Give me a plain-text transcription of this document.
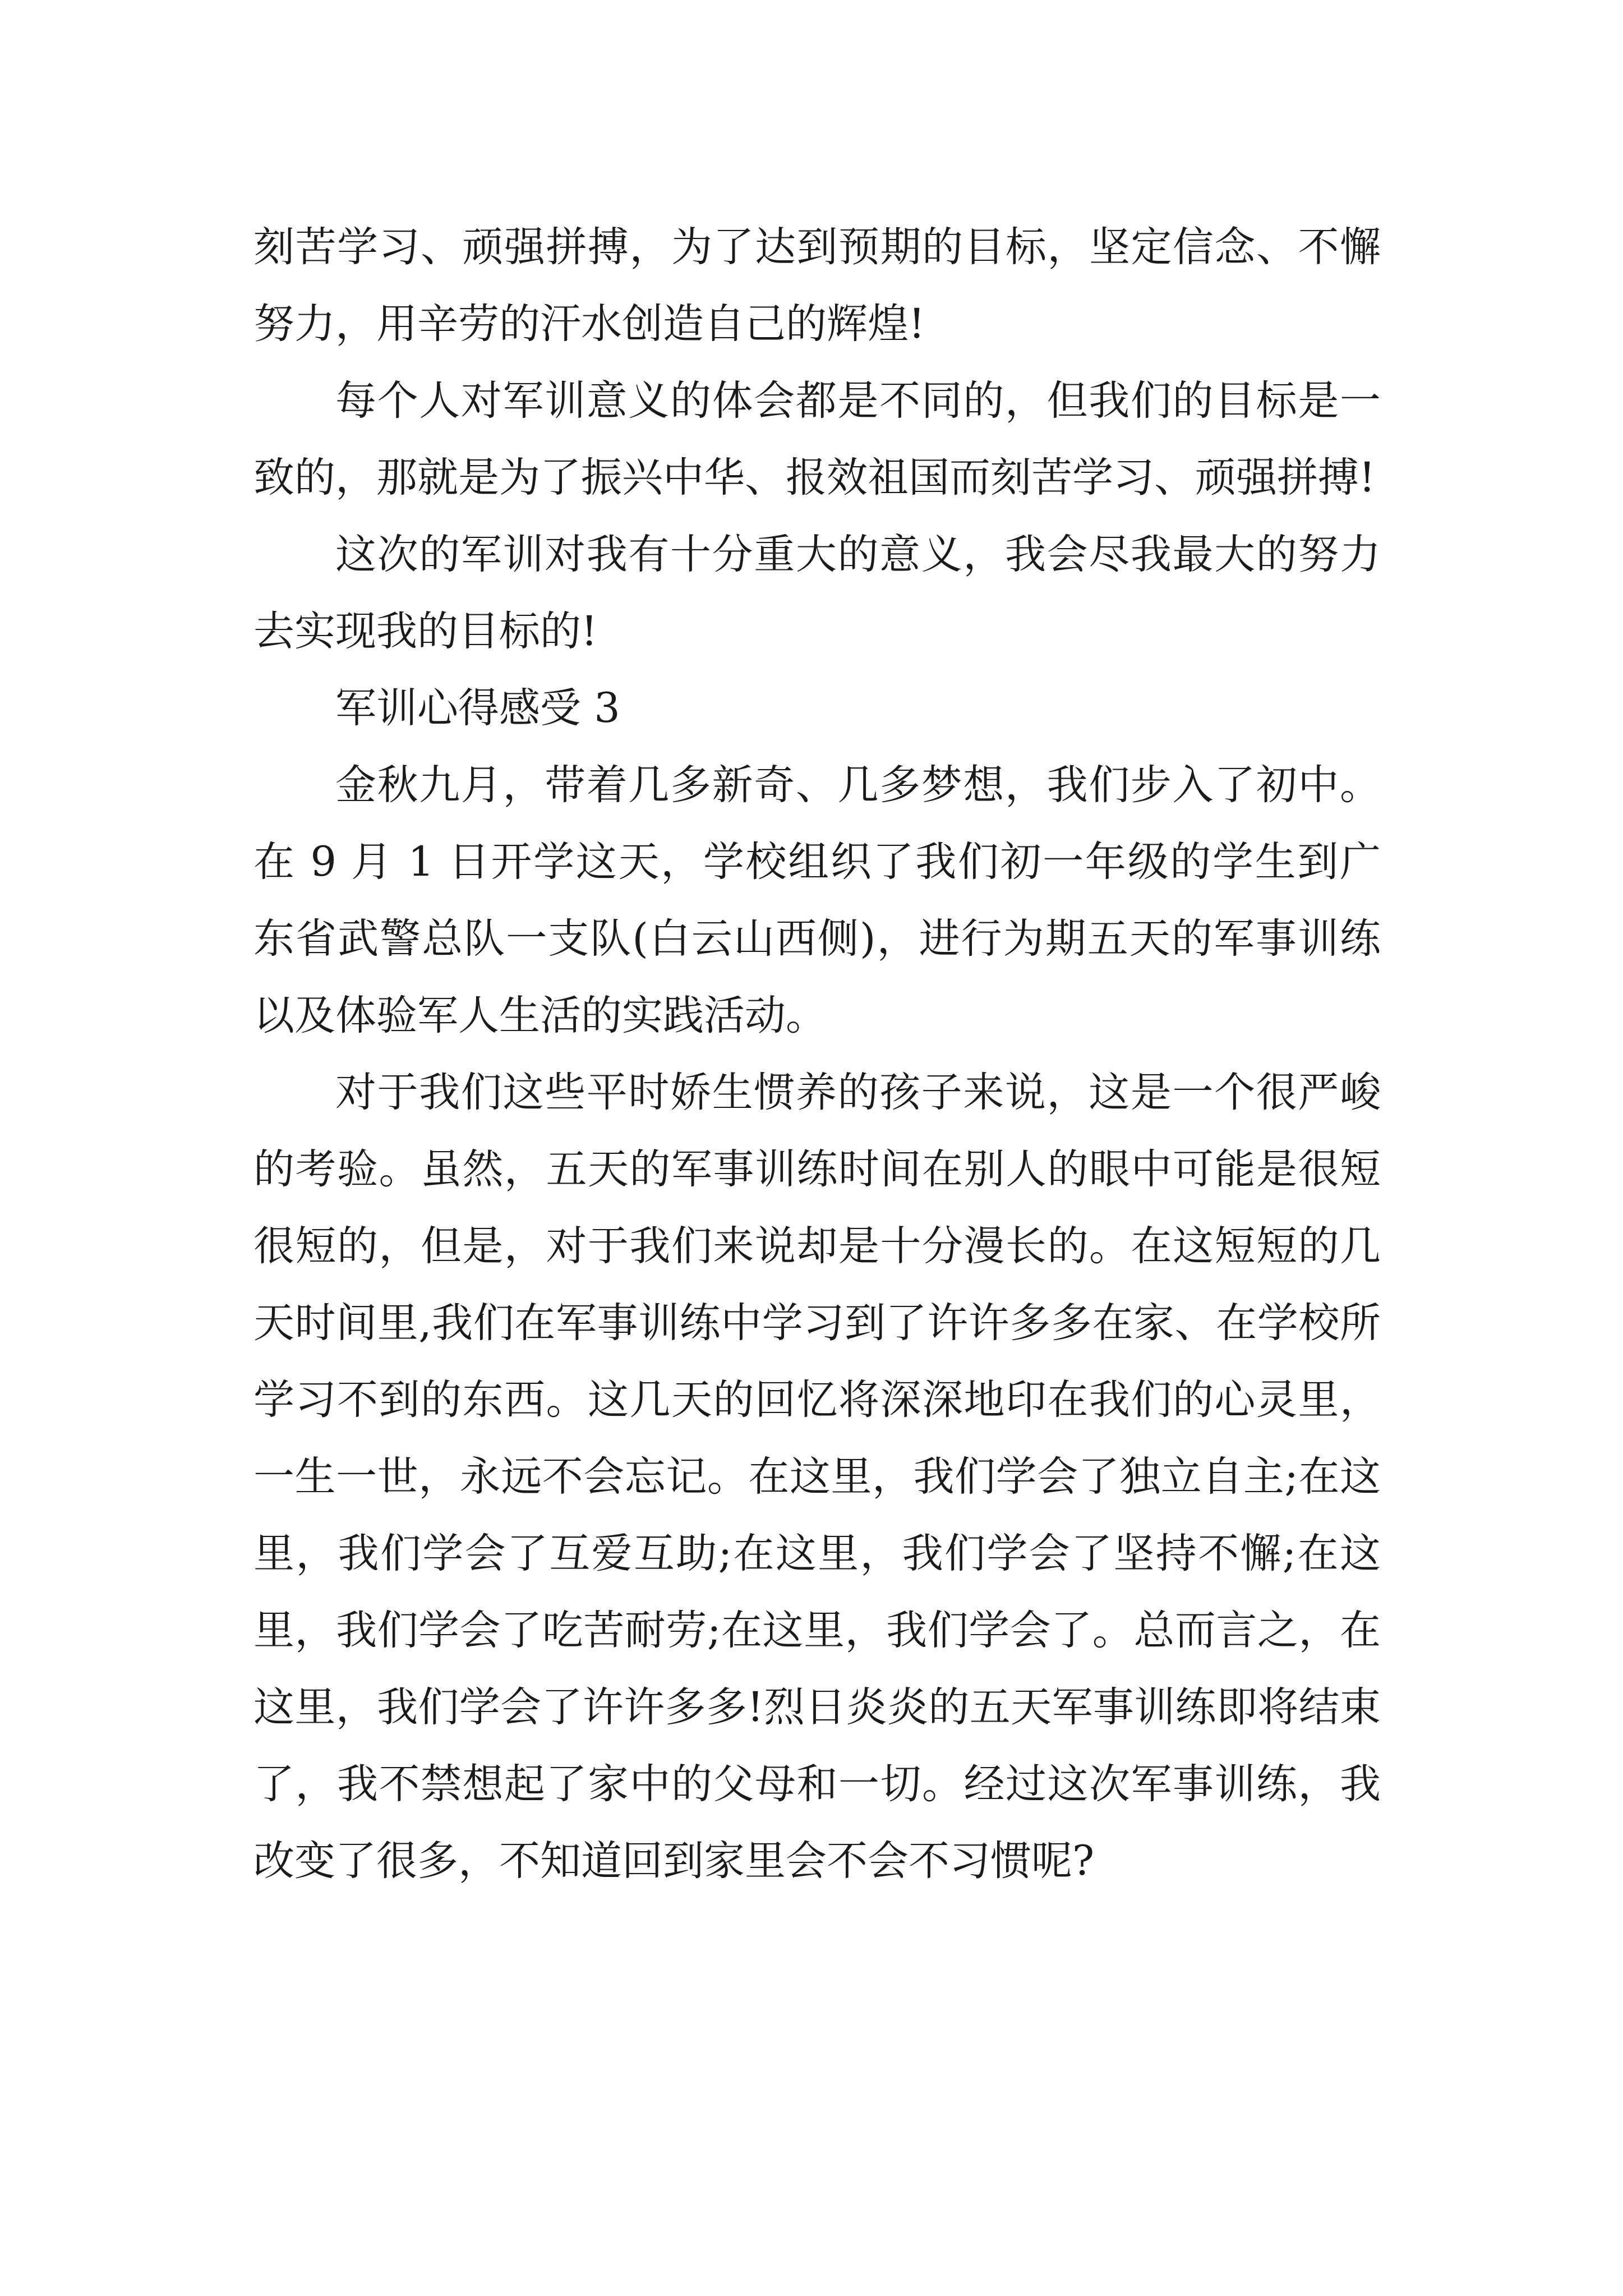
刻苦学习、顽强拼搏，为了达到预期的目标，坚定信念、不懈努力，用辛劳的汗水创造自己的辉煌!

每个人对军训意义的体会都是不同的，但我们的目标是一致的，那就是为了振兴中华、报效祖国而刻苦学习、顽强拼搏!

这次的军训对我有十分重大的意义，我会尽我最大的努力去实现我的目标的!

军训心得感受 3

金秋九月，带着几多新奇、几多梦想，我们步入了初中。在 9 月 1 日开学这天，学校组织了我们初一年级的学生到广东省武警总队一支队(白云山西侧)，进行为期五天的军事训练以及体验军人生活的实践活动。

对于我们这些平时娇生惯养的孩子来说，这是一个很严峻的考验。虽然，五天的军事训练时间在别人的眼中可能是很短很短的，但是，对于我们来说却是十分漫长的。在这短短的几天时间里,我们在军事训练中学习到了许许多多在家、在学校所学习不到的东西。这几天的回忆将深深地印在我们的心灵里，一生一世，永远不会忘记。在这里，我们学会了独立自主;在这里，我们学会了互爱互助;在这里，我们学会了坚持不懈;在这里，我们学会了吃苦耐劳;在这里，我们学会了。总而言之，在这里，我们学会了许许多多!烈日炎炎的五天军事训练即将结束了，我不禁想起了家中的父母和一切。经过这次军事训练，我改变了很多，不知道回到家里会不会不习惯呢?
